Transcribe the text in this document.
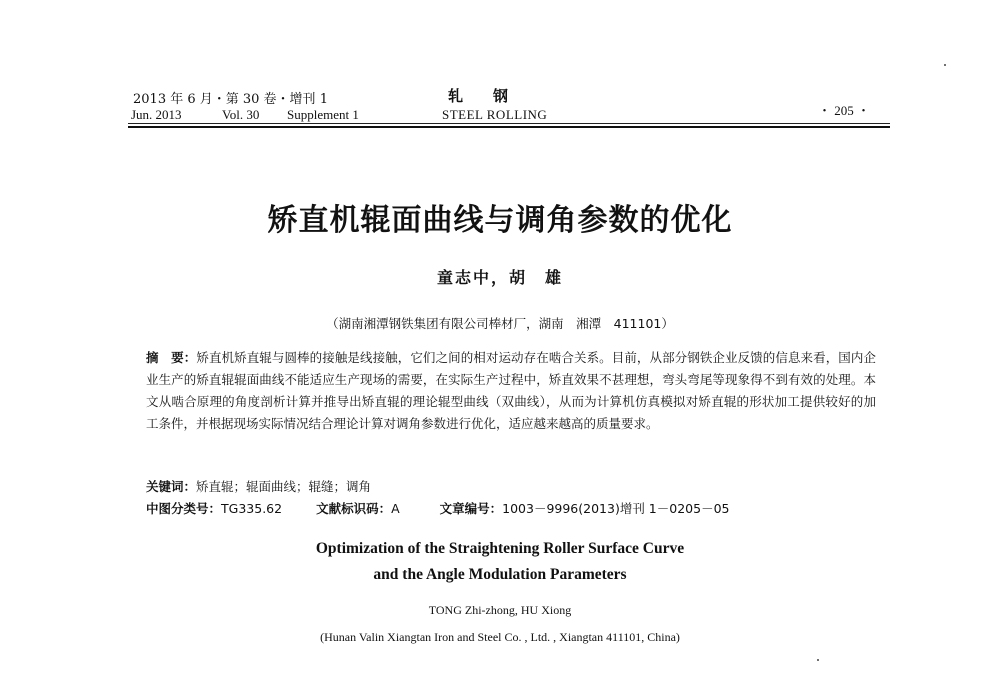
2013 年 6 月・第 30 卷・增刊 1	轧钢
Jun. 2013	Vol. 30 Supplement 1	STEEL ROLLING	・ 205 ・
矫直机辊面曲线与调角参数的优化
童志中，胡　雄
（湖南湘潭钢铁集团有限公司棒材厂，湖南　湘潭　411101）
摘　要：矫直机矫直辊与圆棒的接触是线接触，它们之间的相对运动存在啮合关系。目前，从部分钢铁企业反馈的信息来看，国内企业生产的矫直辊辊面曲线不能适应生产现场的需要，在实际生产过程中，矫直效果不甚理想，弯头弯尾等现象得不到有效的处理。本文从啮合原理的角度剖析计算并推导出矫直辊的理论辊型曲线（双曲线），从而为计算机仿真模拟对矫直辊的形状加工提供较好的加工条件，并根据现场实际情况结合理论计算对调角参数进行优化，适应越来越高的质量要求。
关键词：矫直辊；辊面曲线；辊缝；调角
中图分类号：TG335.62	文献标识码：A	文章编号：1003－9996(2013)增刊 1－0205－05
Optimization of the Straightening Roller Surface Curve
and the Angle Modulation Parameters
TONG Zhi-zhong, HU Xiong
(Hunan Valin Xiangtan Iron and Steel Co. , Ltd. , Xiangtan 411101, China)
